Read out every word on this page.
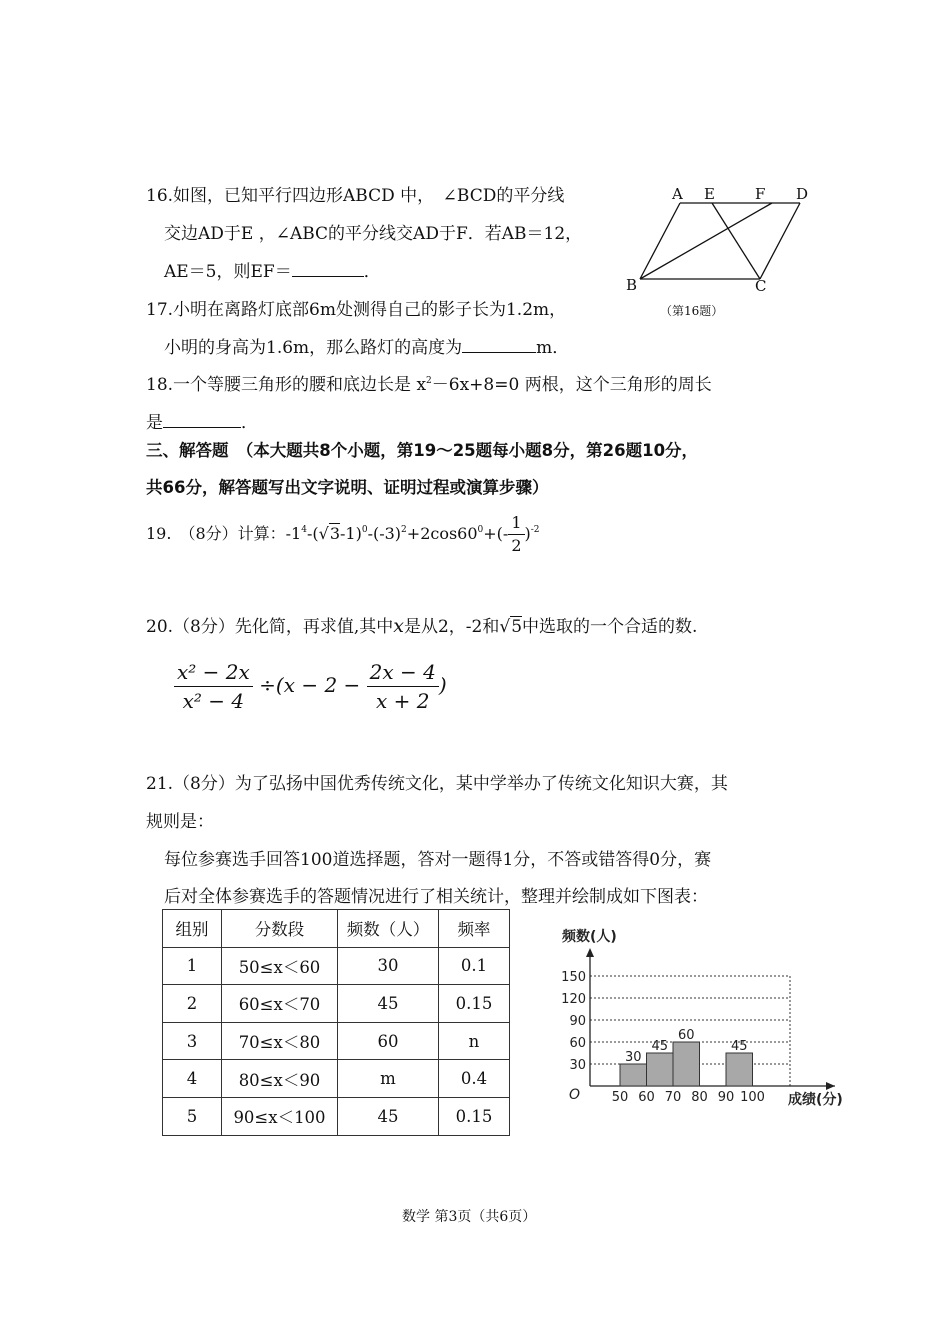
16.如图，已知平行四边形ABCD 中，　∠BCD的平分线
交边AD于E ，∠ABC的平分线交AD于F．若AB＝12，
AE＝5，则EF＝	．
A E	F D
B	C
（第16题）
17.小明在离路灯底部6m处测得自己的影子长为1.2m，
小明的身高为1.6m，那么路灯的高度为	m．
18.一个等腰三角形的腰和底边长是 $x^2-6x+8=0$ 两根，这个三角形的周长
是	．
三、解答题　（本大题共8个小题，第19～25题每小题8分，第26题10分，
共66分，解答题写出文字说明、证明过程或演算步骤）
19.　（8分）计算：$-1^4-(√3-1)^0-(-3)^2+2\cos 60^0+(- \frac{1}{2} )^{-2}$
20.（8分）先化简，再求值,其中x是从2，-2和√5中选取的一个合适的数.
$\frac{\text{x² − 2x}}{\text{x² − 4}} \div(x - 2 - \frac{2x - 4}{x + 2}$ )
21.（8分）为了弘扬中国优秀传统文化，某中学举办了传统文化知识大赛，其
规则是：
每位参赛选手回答100道选择题，答对一题得1分，不答或错答得0分，赛
后对全体参赛选手的答题情况进行了相关统计，整理并绘制成如下图表：
组别	分数段	频数（人）	频率
1	50≤x＜60	30	0.1
2	60≤x＜70	45	0.15
3	70≤x＜80	60	n
4	80≤x＜90	m	0.4
5	90≤x＜100	45	0.15
频数(人)
成绩(分)
O
30
60
90
120
150
30
45
60
45
50 60 70 80 90 100
数学 第3页（共6页）
